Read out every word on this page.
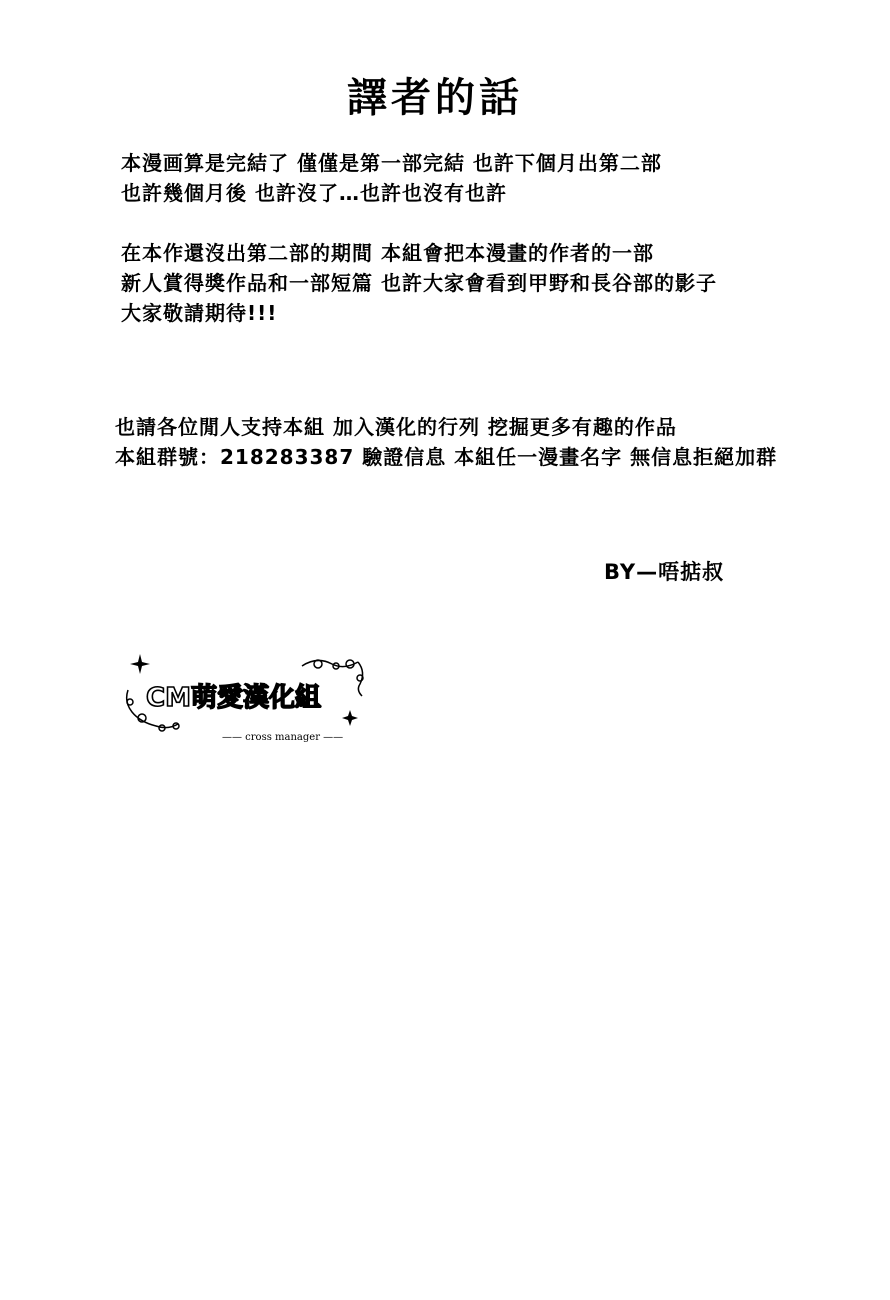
譯者的話
本漫画算是完結了 僅僅是第一部完結 也許下個月出第二部
也許幾個月後 也許沒了…也許也沒有也許
在本作還沒出第二部的期間 本組會把本漫畫的作者的一部
新人賞得獎作品和一部短篇 也許大家會看到甲野和長谷部的影子
大家敬請期待!!!
也請各位閒人支持本組 加入漢化的行列 挖掘更多有趣的作品
本組群號：218283387 驗證信息 本組任一漫畫名字 無信息拒絕加群

BY—唔掂叔

CM萌愛漢化組
—— cross manager ——
